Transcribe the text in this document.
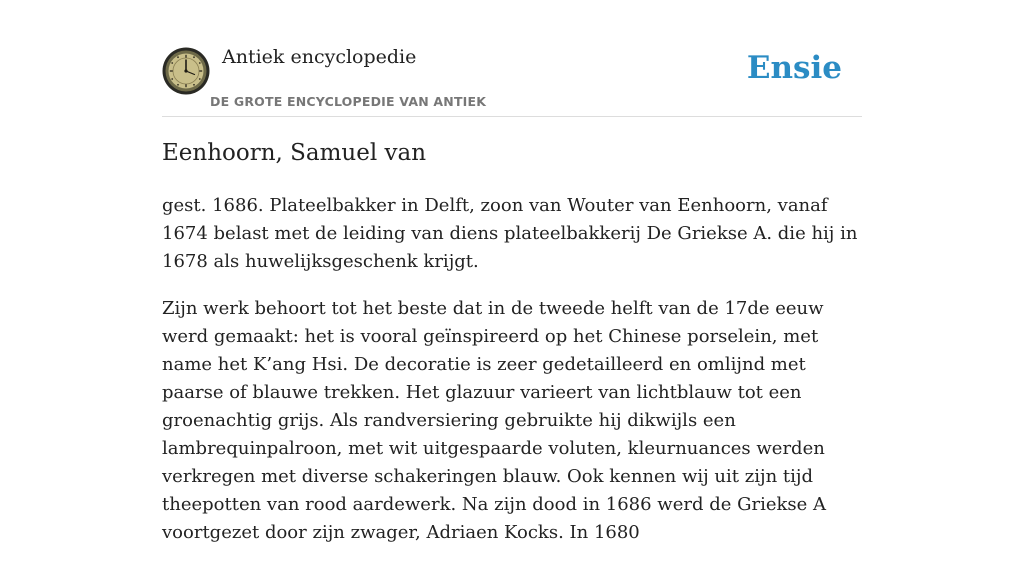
Antiek encyclopedie
DE GROTE ENCYCLOPEDIE VAN ANTIEK
Ensie
Eenhoorn, Samuel van

gest. 1686. Plateelbakker in Delft, zoon van Wouter van Eenhoorn, vanaf 1674 belast met de leiding van diens plateelbakkerij De Griekse A. die hij in 1678 als huwelijksgeschenk krijgt.

Zijn werk behoort tot het beste dat in de tweede helft van de 17de eeuw werd gemaakt: het is vooral geïnspireerd op het Chinese porselein, met name het K’ang Hsi. De decoratie is zeer gedetailleerd en omlijnd met paarse of blauwe trekken. Het glazuur varieert van lichtblauw tot een groenachtig grijs. Als randversiering gebruikte hij dikwijls een lambrequinpalroon, met wit uitgespaarde voluten, kleurnuances werden verkregen met diverse schakeringen blauw. Ook kennen wij uit zijn tijd theepotten van rood aardewerk. Na zijn dood in 1686 werd de Griekse A voortgezet door zijn zwager, Adriaen Kocks. In 1680
